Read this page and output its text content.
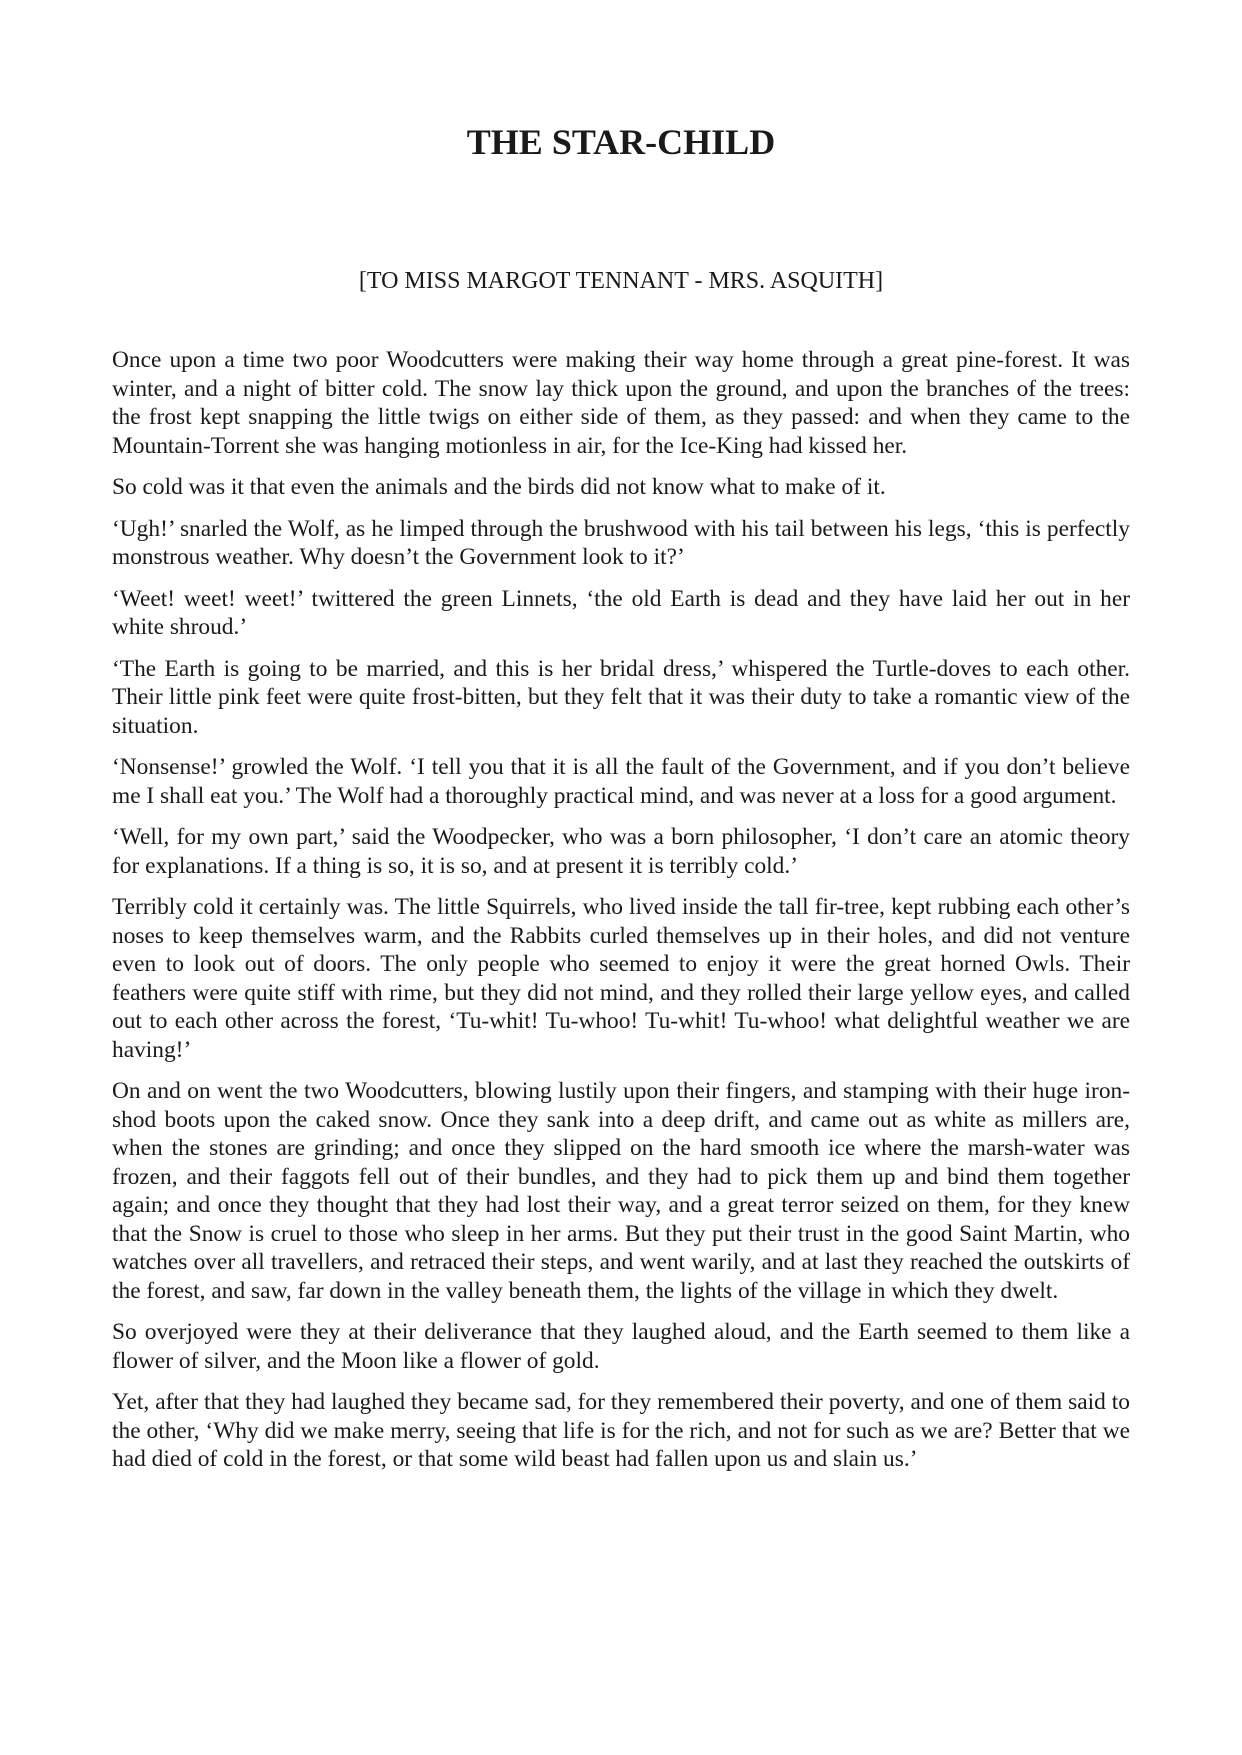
THE STAR-CHILD

[TO MISS MARGOT TENNANT - MRS. ASQUITH]

Once upon a time two poor Woodcutters were making their way home through a great pine-forest. It was winter, and a night of bitter cold. The snow lay thick upon the ground, and upon the branches of the trees: the frost kept snapping the little twigs on either side of them, as they passed: and when they came to the Mountain-Torrent she was hanging motionless in air, for the Ice-King had kissed her.

So cold was it that even the animals and the birds did not know what to make of it.

‘Ugh!’ snarled the Wolf, as he limped through the brushwood with his tail between his legs, ‘this is perfectly monstrous weather. Why doesn’t the Government look to it?’

‘Weet! weet! weet!’ twittered the green Linnets, ‘the old Earth is dead and they have laid her out in her white shroud.’

‘The Earth is going to be married, and this is her bridal dress,’ whispered the Turtle-doves to each other. Their little pink feet were quite frost-bitten, but they felt that it was their duty to take a romantic view of the situation.

‘Nonsense!’ growled the Wolf. ‘I tell you that it is all the fault of the Government, and if you don’t believe me I shall eat you.’ The Wolf had a thoroughly practical mind, and was never at a loss for a good argument.

‘Well, for my own part,’ said the Woodpecker, who was a born philosopher, ‘I don’t care an atomic theory for explanations. If a thing is so, it is so, and at present it is terribly cold.’

Terribly cold it certainly was. The little Squirrels, who lived inside the tall fir-tree, kept rubbing each other’s noses to keep themselves warm, and the Rabbits curled themselves up in their holes, and did not venture even to look out of doors. The only people who seemed to enjoy it were the great horned Owls. Their feathers were quite stiff with rime, but they did not mind, and they rolled their large yellow eyes, and called out to each other across the forest, ‘Tu-whit! Tu-whoo! Tu-whit! Tu-whoo! what delightful weather we are having!’

On and on went the two Woodcutters, blowing lustily upon their fingers, and stamping with their huge iron-shod boots upon the caked snow. Once they sank into a deep drift, and came out as white as millers are, when the stones are grinding; and once they slipped on the hard smooth ice where the marsh-water was frozen, and their faggots fell out of their bundles, and they had to pick them up and bind them together again; and once they thought that they had lost their way, and a great terror seized on them, for they knew that the Snow is cruel to those who sleep in her arms. But they put their trust in the good Saint Martin, who watches over all travellers, and retraced their steps, and went warily, and at last they reached the outskirts of the forest, and saw, far down in the valley beneath them, the lights of the village in which they dwelt.

So overjoyed were they at their deliverance that they laughed aloud, and the Earth seemed to them like a flower of silver, and the Moon like a flower of gold.

Yet, after that they had laughed they became sad, for they remembered their poverty, and one of them said to the other, ‘Why did we make merry, seeing that life is for the rich, and not for such as we are? Better that we had died of cold in the forest, or that some wild beast had fallen upon us and slain us.’
